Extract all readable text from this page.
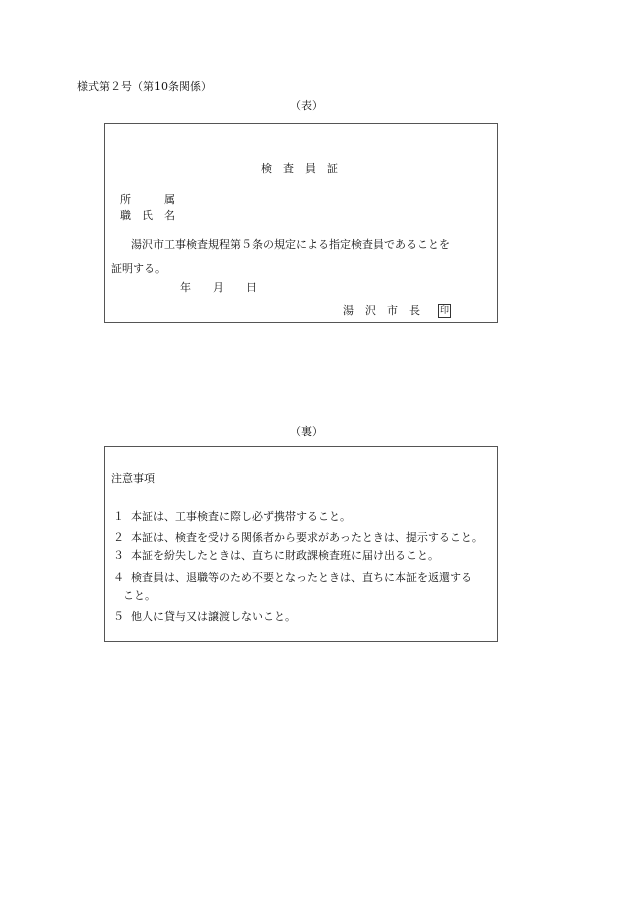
様式第２号（第10条関係）
（表）
検　査　員　証
所　　　属
職　氏　名
湯沢市工事検査規程第５条の規定による指定検査員であることを
証明する。
年　　月　　日
湯　沢　市　長 印
（裏）
注意事項
１ 本証は、工事検査に際し必ず携帯すること。
２ 本証は、検査を受ける関係者から要求があったときは、提示すること。
３ 本証を紛失したときは、直ちに財政課検査班に届け出ること。
４ 検査員は、退職等のため不要となったときは、直ちに本証を返還する
こと。
５ 他人に貸与又は譲渡しないこと。
